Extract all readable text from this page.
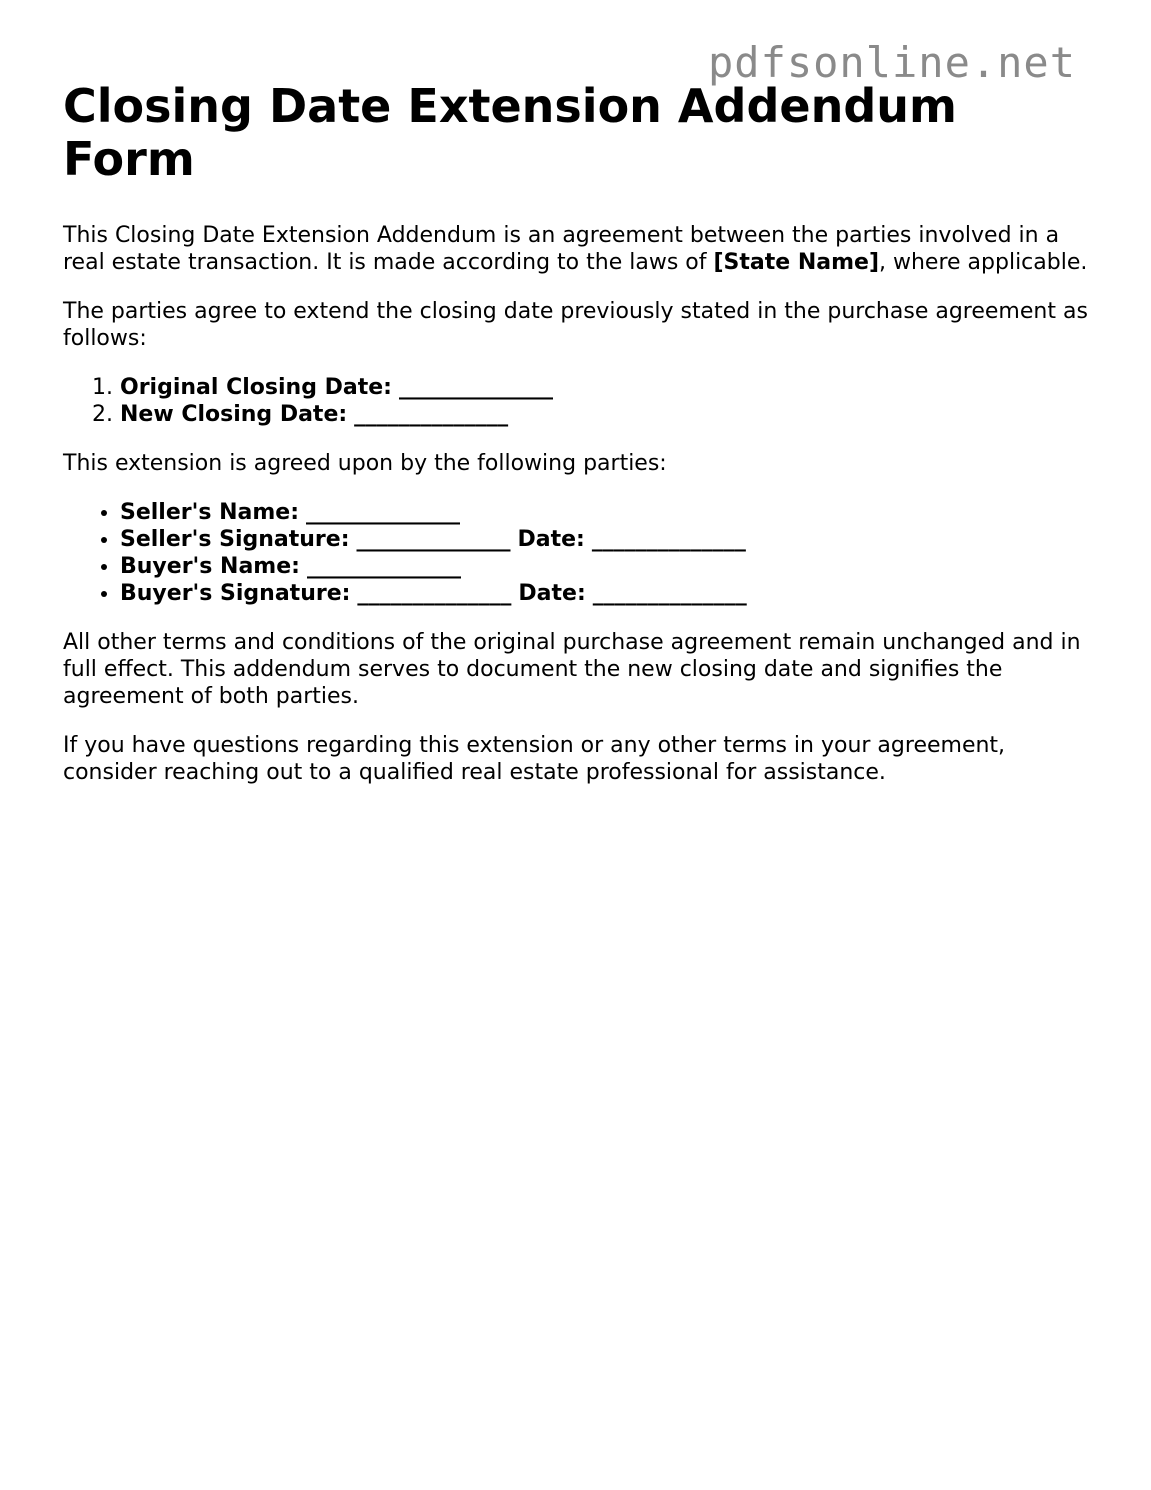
pdfsonline.net
Closing Date Extension Addendum Form

This Closing Date Extension Addendum is an agreement between the parties involved in a real estate transaction. It is made according to the laws of [State Name], where applicable.

The parties agree to extend the closing date previously stated in the purchase agreement as follows:

1. Original Closing Date: ______________
2. New Closing Date: ______________

This extension is agreed upon by the following parties:

• Seller's Name: ______________
• Seller's Signature: ______________ Date: ______________
• Buyer's Name: ______________
• Buyer's Signature: ______________ Date: ______________

All other terms and conditions of the original purchase agreement remain unchanged and in full effect. This addendum serves to document the new closing date and signifies the agreement of both parties.

If you have questions regarding this extension or any other terms in your agreement, consider reaching out to a qualified real estate professional for assistance.
